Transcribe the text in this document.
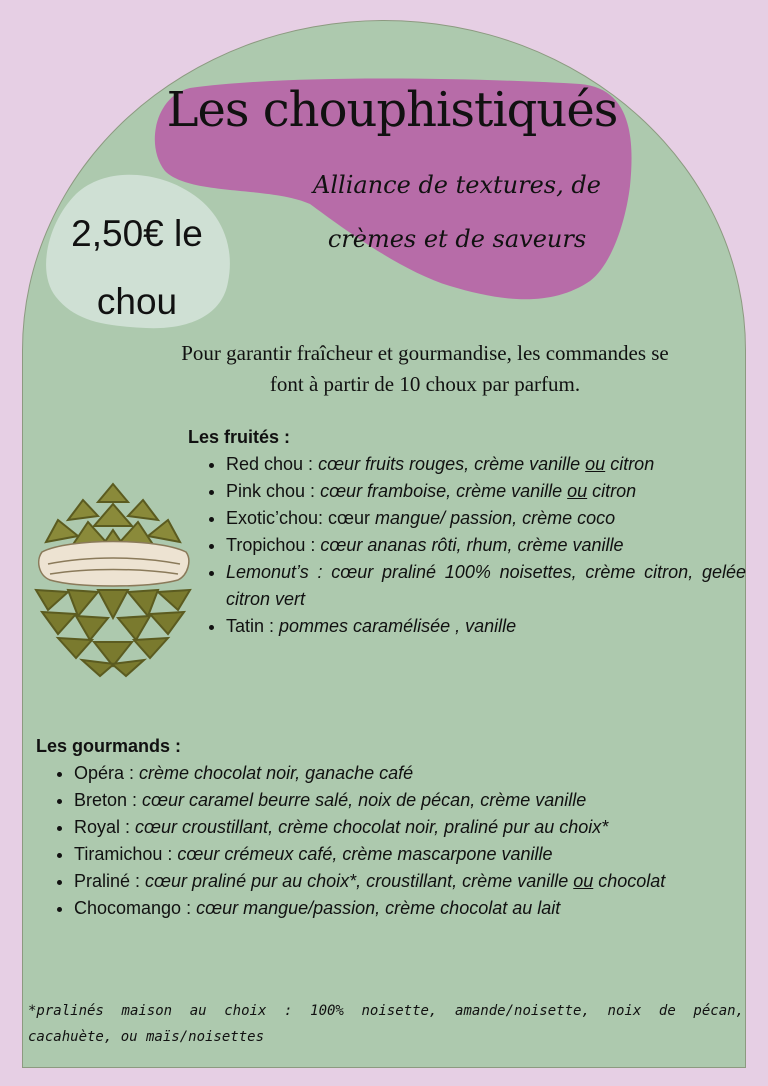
Les chouphistiqués
Alliance de textures, de
crèmes et de saveurs
2,50€ le
chou
Pour garantir fraîcheur et gourmandise, les commandes se
font à partir de 10 choux par parfum.
Les fruités :
• Red chou : cœur fruits rouges, crème vanille ou citron
• Pink chou : cœur framboise, crème vanille ou citron
• Exotic’chou: cœur mangue/ passion, crème coco
• Tropichou : cœur ananas rôti, rhum, crème vanille
• Lemonut’s : cœur praliné 100% noisettes, crème citron, gelée citron vert
• Tatin : pommes caramélisée , vanille
Les gourmands :
• Opéra : crème chocolat noir, ganache café
• Breton : cœur caramel beurre salé, noix de pécan, crème vanille
• Royal : cœur croustillant, crème chocolat noir, praliné pur au choix*
• Tiramichou : cœur crémeux café, crème mascarpone vanille
• Praliné : cœur praliné pur au choix*, croustillant, crème vanille ou chocolat
• Chocomango : cœur mangue/passion, crème chocolat au lait
*pralinés maison au choix : 100% noisette, amande/noisette, noix de pécan, cacahuète, ou maïs/noisettes
